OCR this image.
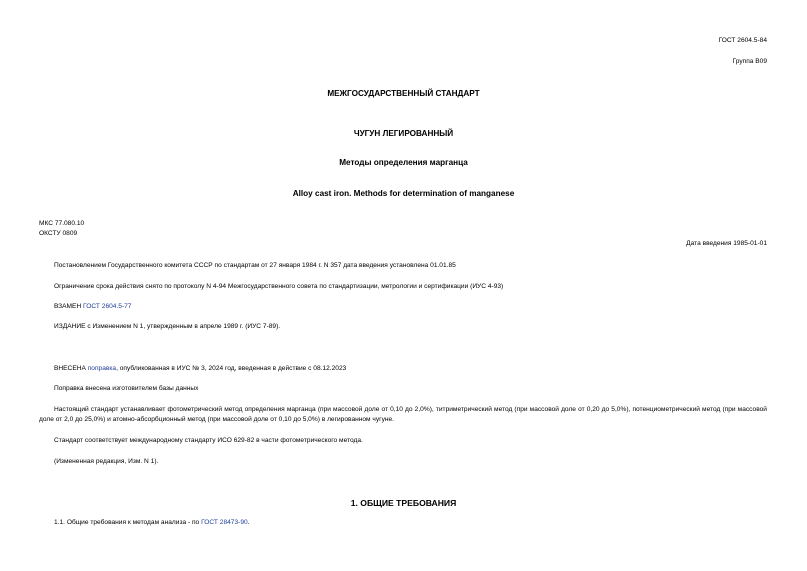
ГОСТ 2604.5-84
Группа В09
МЕЖГОСУДАРСТВЕННЫЙ СТАНДАРТ
ЧУГУН ЛЕГИРОВАННЫЙ
Методы определения марганца
Alloy cast iron. Methods for determination of manganese
МКС 77.080.10
ОКСТУ 0809
Дата введения 1985-01-01
Постановлением Государственного комитета СССР по стандартам от 27 января 1984 г. N 357 дата введения установлена 01.01.85
Ограничение срока действия снято по протоколу N 4-94 Межгосударственного совета по стандартизации, метрологии и сертификации (ИУС 4-93)
ВЗАМЕН ГОСТ 2604.5-77
ИЗДАНИЕ с Изменением N 1, утвержденным в апреле 1989 г. (ИУС 7-89).
ВНЕСЕНА поправка, опубликованная в ИУС № 3, 2024 год, введенная в действие с 08.12.2023
Поправка внесена изготовителем базы данных
Настоящий стандарт устанавливает фотометрический метод определения марганца (при массовой доле от 0,10 до 2,0%), титриметрический метод (при массовой доле от 0,20 до 5,0%), потенциометрический метод (при массовой доле от 2,0 до 25,0%) и атомно-абсорбционный метод (при массовой доле от 0,10 до 5,0%) в легированном чугуне.
Стандарт соответствует международному стандарту ИСО 629-82 в части фотометрического метода.
(Измененная редакция, Изм. N 1).
1. ОБЩИЕ ТРЕБОВАНИЯ
1.1. Общие требования к методам анализа - по ГОСТ 28473-90.
